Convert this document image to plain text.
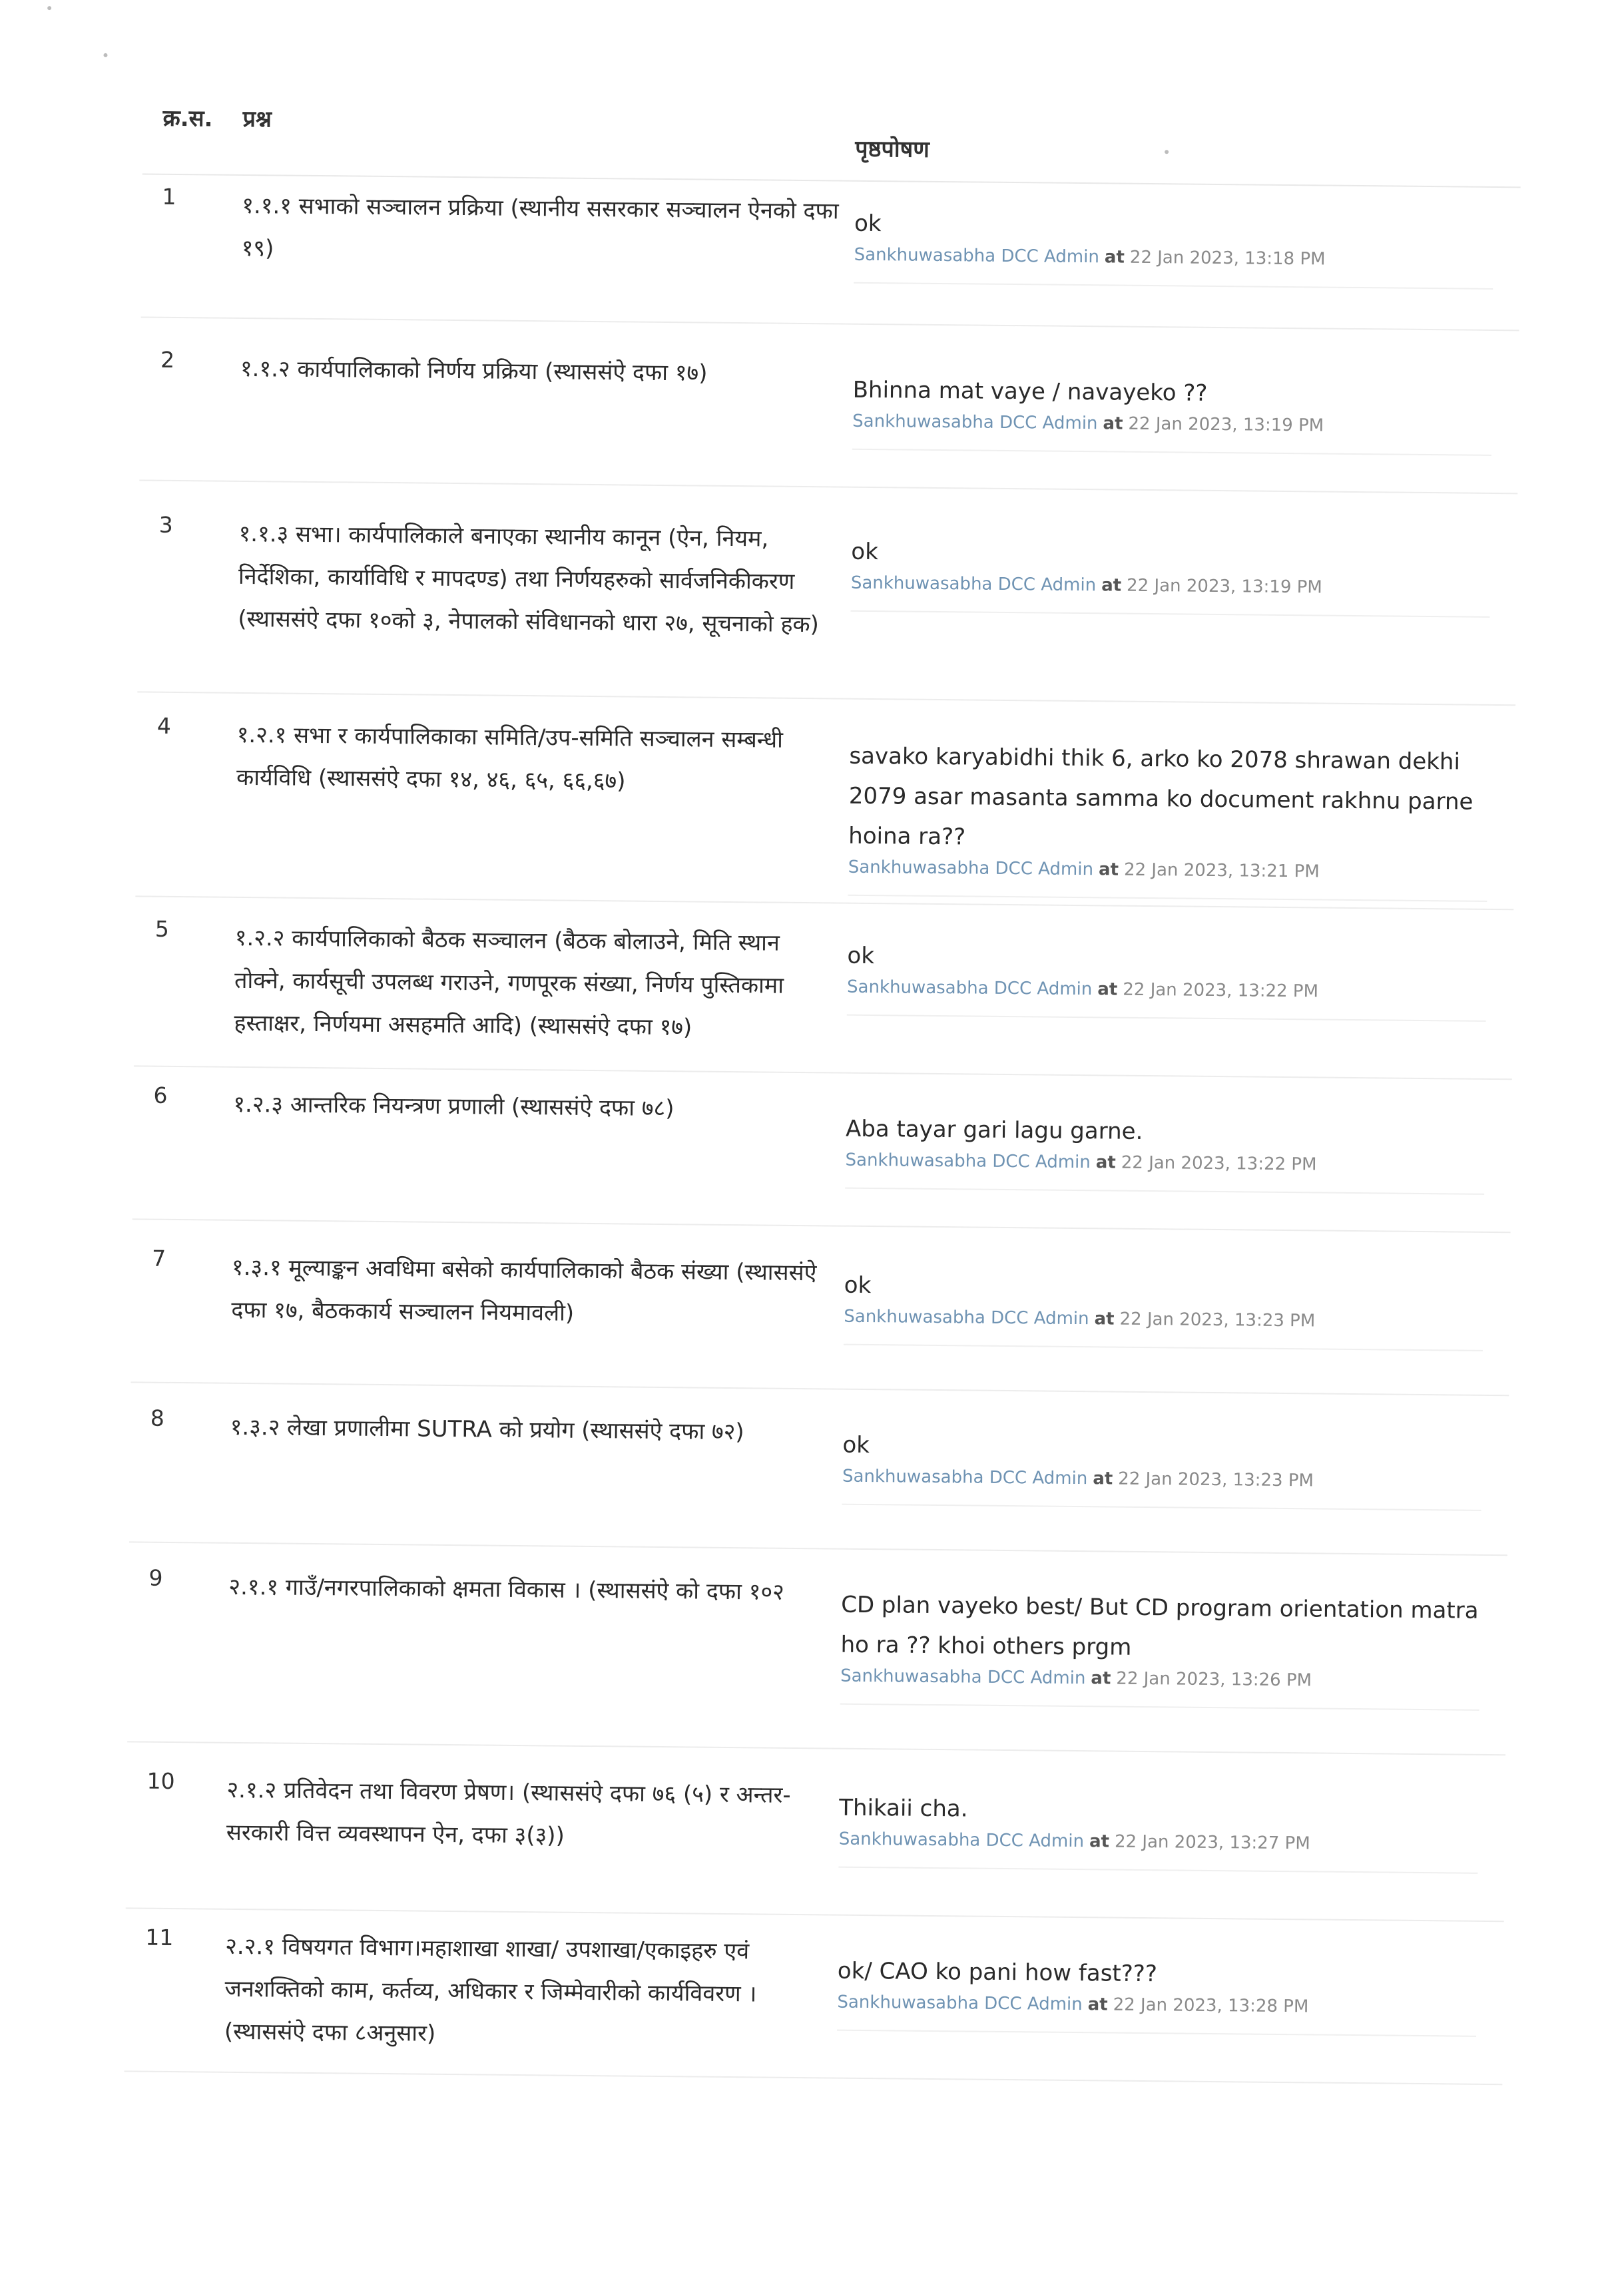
क्र.स. प्रश्न
पृष्ठपोषण
1	१.१.१ सभाको सञ्चालन प्रक्रिया (स्थानीय ससरकार सञ्चालन ऐनको दफा १९)
ok
Sankhuwasabha DCC Admin at 22 Jan 2023, 13:18 PM
2	१.१.२ कार्यपालिकाको निर्णय प्रक्रिया (स्थाससंऐ दफा १७)
Bhinna mat vaye / navayeko ??
Sankhuwasabha DCC Admin at 22 Jan 2023, 13:19 PM
3	१.१.३ सभा। कार्यपालिकाले बनाएका स्थानीय कानून (ऐन, नियम, निर्देशिका, कार्याविधि र मापदण्ड) तथा निर्णयहरुको सार्वजनिकीकरण (स्थाससंऐ दफा १०को ३, नेपालको संविधानको धारा २७, सूचनाको हक)
ok
Sankhuwasabha DCC Admin at 22 Jan 2023, 13:19 PM
4	१.२.१ सभा र कार्यपालिकाका समिति/उप-समिति सञ्चालन सम्बन्धी कार्यविधि (स्थाससंऐ दफा १४, ४६, ६५, ६६,६७)
savako karyabidhi thik 6, arko ko 2078 shrawan dekhi 2079 asar masanta samma ko document rakhnu parne hoina ra??
Sankhuwasabha DCC Admin at 22 Jan 2023, 13:21 PM
5	१.२.२ कार्यपालिकाको बैठक सञ्चालन (बैठक बोलाउने, मिति स्थान तोक्ने, कार्यसूची उपलब्ध गराउने, गणपूरक संख्या, निर्णय पुस्तिकामा हस्ताक्षर, निर्णयमा असहमति आदि) (स्थाससंऐ दफा १७)
ok
Sankhuwasabha DCC Admin at 22 Jan 2023, 13:22 PM
6	१.२.३ आन्तरिक नियन्त्रण प्रणाली (स्थाससंऐ दफा ७८)
Aba tayar gari lagu garne.
Sankhuwasabha DCC Admin at 22 Jan 2023, 13:22 PM
7	१.३.१ मूल्याङ्कन अवधिमा बसेको कार्यपालिकाको बैठक संख्या (स्थाससंऐ दफा १७, बैठककार्य सञ्चालन नियमावली)
ok
Sankhuwasabha DCC Admin at 22 Jan 2023, 13:23 PM
8	१.३.२ लेखा प्रणालीमा SUTRA को प्रयोग (स्थाससंऐ दफा ७२)	ok
Sankhuwasabha DCC Admin at 22 Jan 2023, 13:23 PM
9	२.१.१ गाउँ/नगरपालिकाको क्षमता विकास । (स्थाससंऐ को दफा १०२
CD plan vayeko best/ But CD program orientation matra ho ra ?? khoi others prgm
Sankhuwasabha DCC Admin at 22 Jan 2023, 13:26 PM
10 २.१.२ प्रतिवेदन तथा विवरण प्रेषण। (स्थाससंऐ दफा ७६ (५) र अन्तर-सरकारी वित्त व्यवस्थापन ऐन, दफा ३(३))
Thikaii cha.
Sankhuwasabha DCC Admin at 22 Jan 2023, 13:27 PM
11 २.२.१ विषयगत विभाग।महाशाखा शाखा/ उपशाखा/एकाइहरु एवं जनशक्तिको काम, कर्तव्य, अधिकार र जिम्मेवारीको कार्यविवरण । (स्थाससंऐ दफा ८अनुसार)
ok/ CAO ko pani how fast???
Sankhuwasabha DCC Admin at 22 Jan 2023, 13:28 PM
